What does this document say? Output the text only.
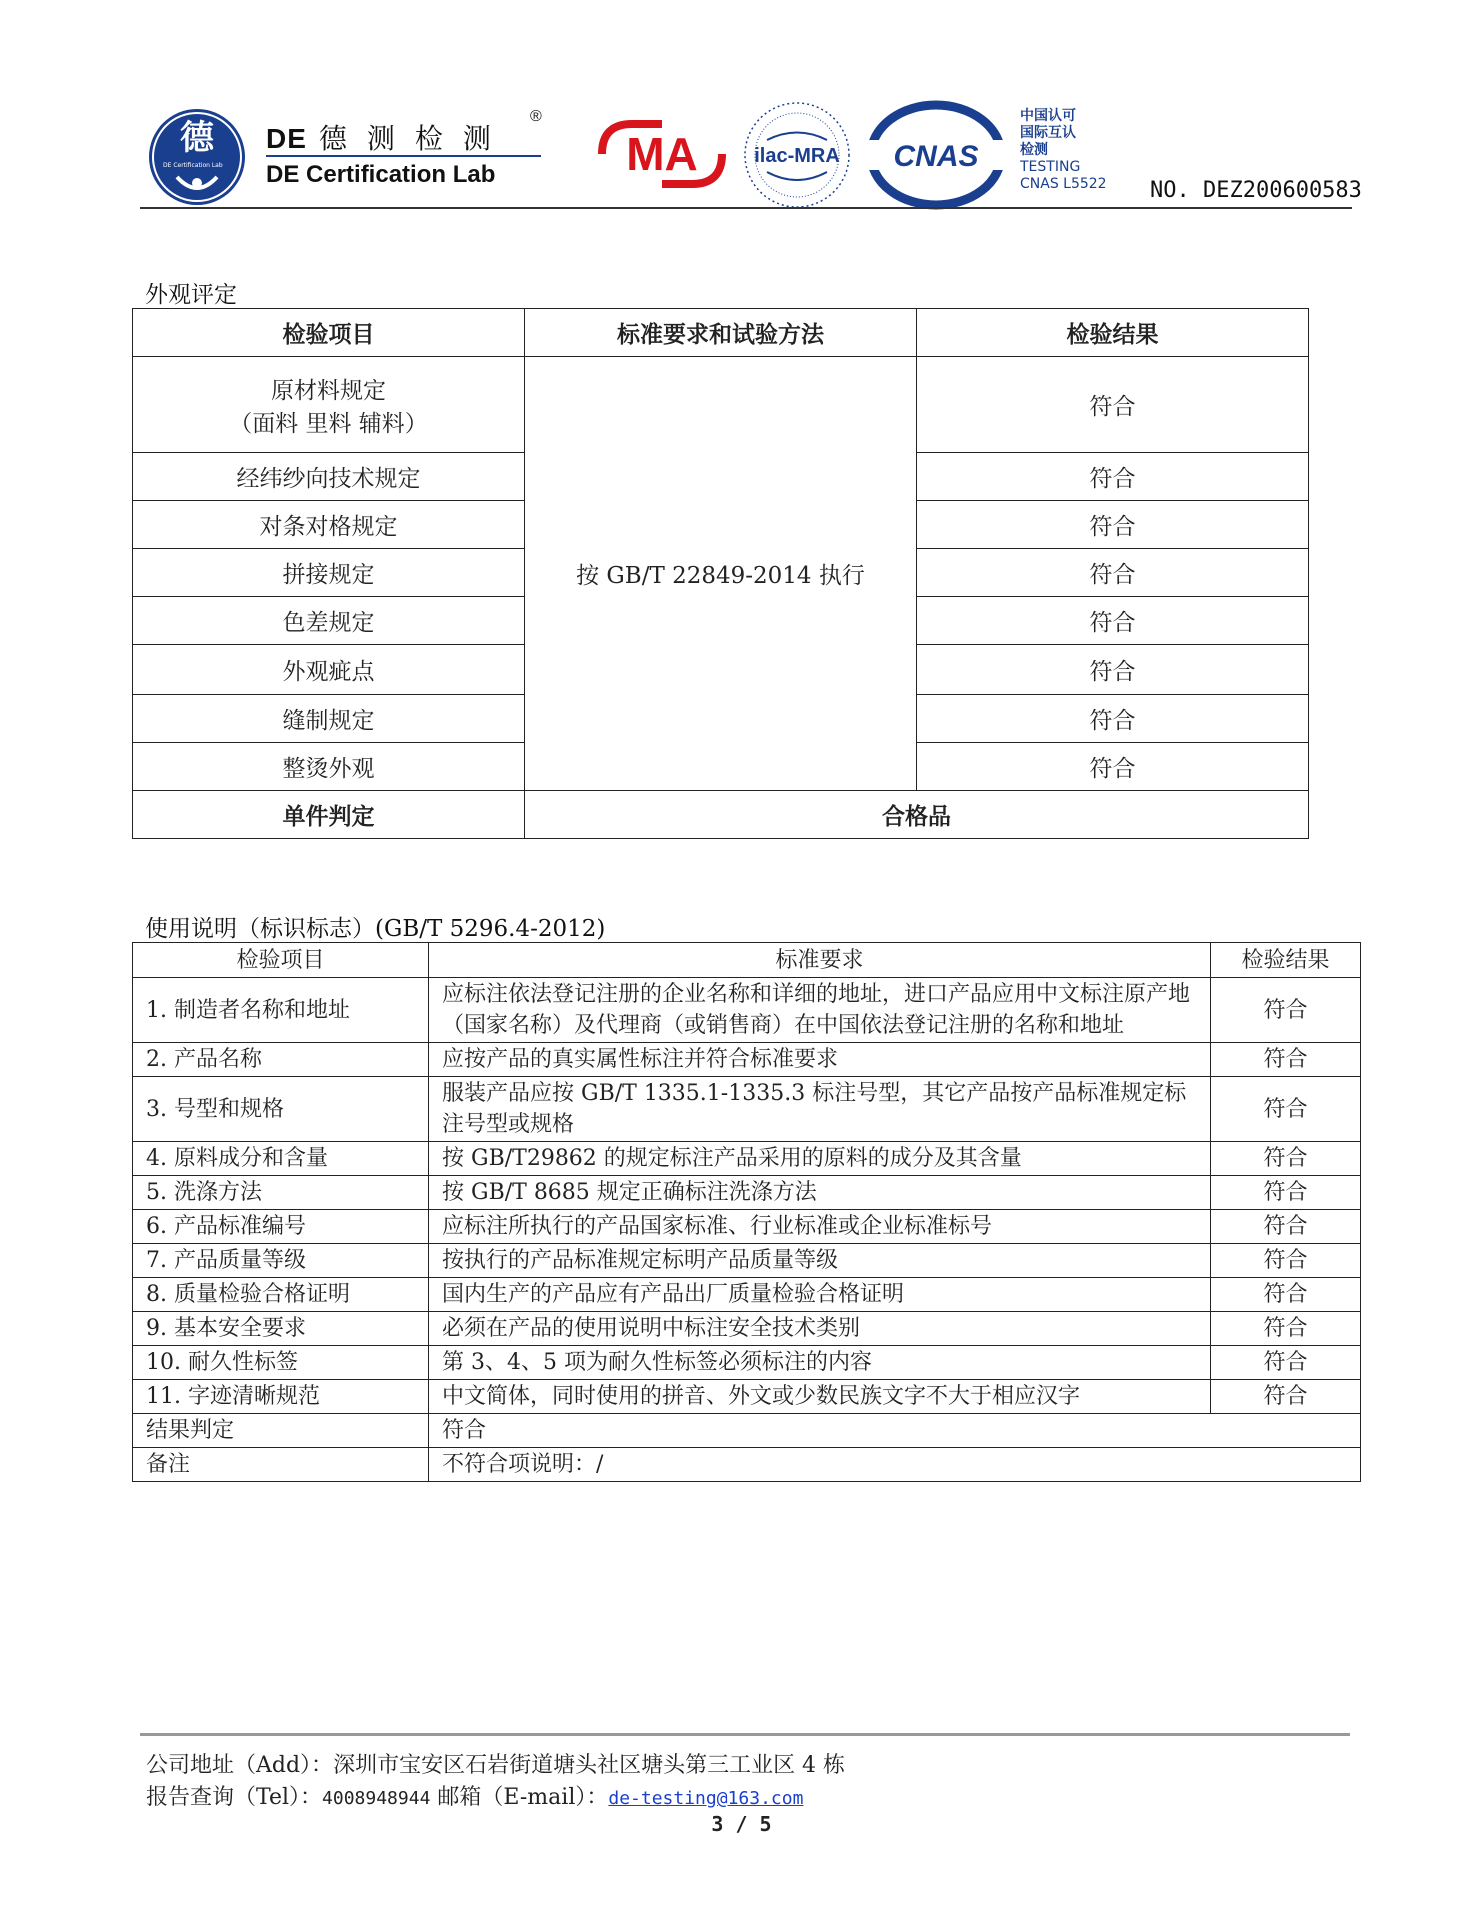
德
DE Certification Lab
DE 德测检测
®
DE Certification Lab	MA	ilac-MRA CNAS
中国认可
国际互认
检测
TESTING
CNAS L5522 NO. DEZ200600583
外观评定
检验项目	标准要求和试验方法	检验结果

原材料规定
（面料 里料 辅料）	按 GB/T 22849-2014 执行	符合
经纬纱向技术规定		符合
对条对格规定		符合
拼接规定		符合
色差规定		符合
外观疵点		符合
缝制规定		符合
整烫外观		符合
单件判定	合格品	
使用说明（标识标志）(GB/T 5296.4-2012)
检验项目	标准要求	检验结果
1. 制造者名称和地址	应标注依法登记注册的企业名称和详细的地址，进口产品应用中文标注原产地（国家名称）及代理商（或销售商）在中国依法登记注册的名称和地址	符合
2. 产品名称	应按产品的真实属性标注并符合标准要求	符合
3. 号型和规格	服装产品应按 GB/T 1335.1-1335.3 标注号型，其它产品按产品标准规定标注号型或规格	符合
4. 原料成分和含量	按 GB/T29862 的规定标注产品采用的原料的成分及其含量	符合
5. 洗涤方法	按 GB/T 8685 规定正确标注洗涤方法	符合
6. 产品标准编号	应标注所执行的产品国家标准、行业标准或企业标准标号	符合
7. 产品质量等级	按执行的产品标准规定标明产品质量等级	符合
8. 质量检验合格证明	国内生产的产品应有产品出厂质量检验合格证明	符合
9. 基本安全要求	必须在产品的使用说明中标注安全技术类别	符合
10. 耐久性标签	第 3、4、5 项为耐久性标签必须标注的内容	符合
11. 字迹清晰规范	中文简体，同时使用的拼音、外文或少数民族文字不大于相应汉字	符合
结果判定	符合	
备注	不符合项说明：/	
公司地址（Add）：深圳市宝安区石岩街道塘头社区塘头第三工业区 4 栋
报告查询（Tel）：4008948944 邮箱（E-mail）：de-testing@163.com
3 / 5
